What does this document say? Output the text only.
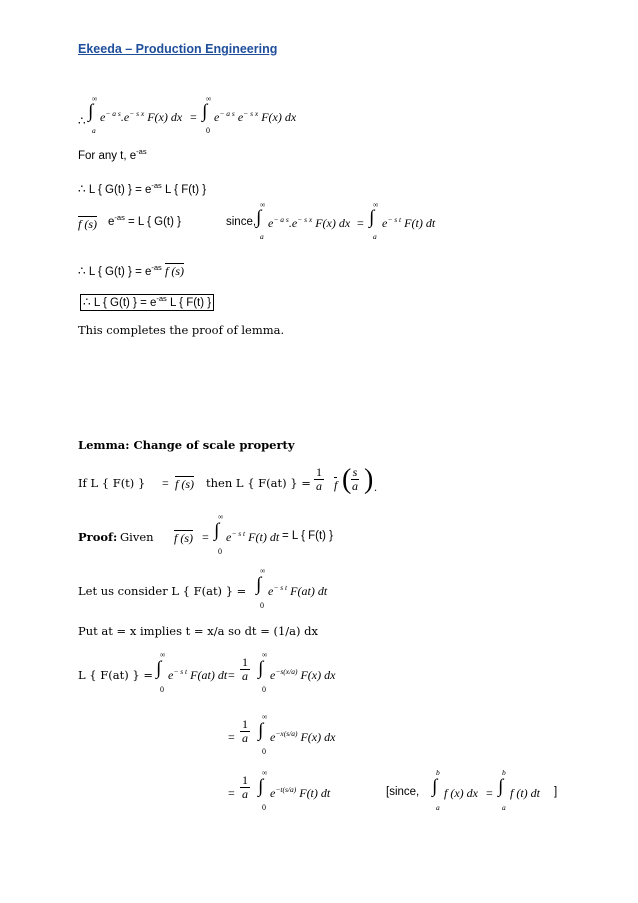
Ekeeda – Production Engineering
∴
∞
∫
a
$e^{- a s}.e^{- s x}$ F(x) dx =
∞
∫
0
$e^{- a s}$ $e^{- s x}$ F(x) dx
For any t, $e^{-as}$
∴ L { G(t) } = $e^{-as}$ L { F(t) }
f (s) $e^{-as} = L$ { G(t) }	since,
∞
∫
a
$e^{- a s}.e^{- s x}$ F(x) dx =
∞
∫
a
$e^{- s t}$ F(t) dt
∴ L { G(t) } = $e^{-as}$ f (s)
∴ L { G(t) } = $e^{-as}$ L { F(t) }
This completes the proof of lemma.
Lemma: Change of scale property
If L { F(t) } = f (s) then L { F(at) } = $\frac{1}{a}$ f (
$\frac{s}{a}$ ) .
Proof: Given f (s) =
∞
∫
0
$e^{- s t}$ F(t) dt = L { F(t) }
Let us consider L { F(at) } =
∞
∫
0
$e^{- s t}$ F(at) dt
Put at = x implies t = x/a so dt = (1/a) dx
L { F(at) } =
∞
∫
0
$e^{- s t}$ F(at) dt = $\frac{1}{a}$
∞
∫
0
$e^{-s(x/a)}$ F(x) dx
= $\frac{1}{a}$
∞
∫
0
$e^{-x(s/a)}$ F(x) dx
= $\frac{1}{a}$
∞
∫
0
$e^{-t(s/a)}$ F(t) dt	[since,
b
∫
a
f (x) dx =
b
∫
a
f (t) dt ]
